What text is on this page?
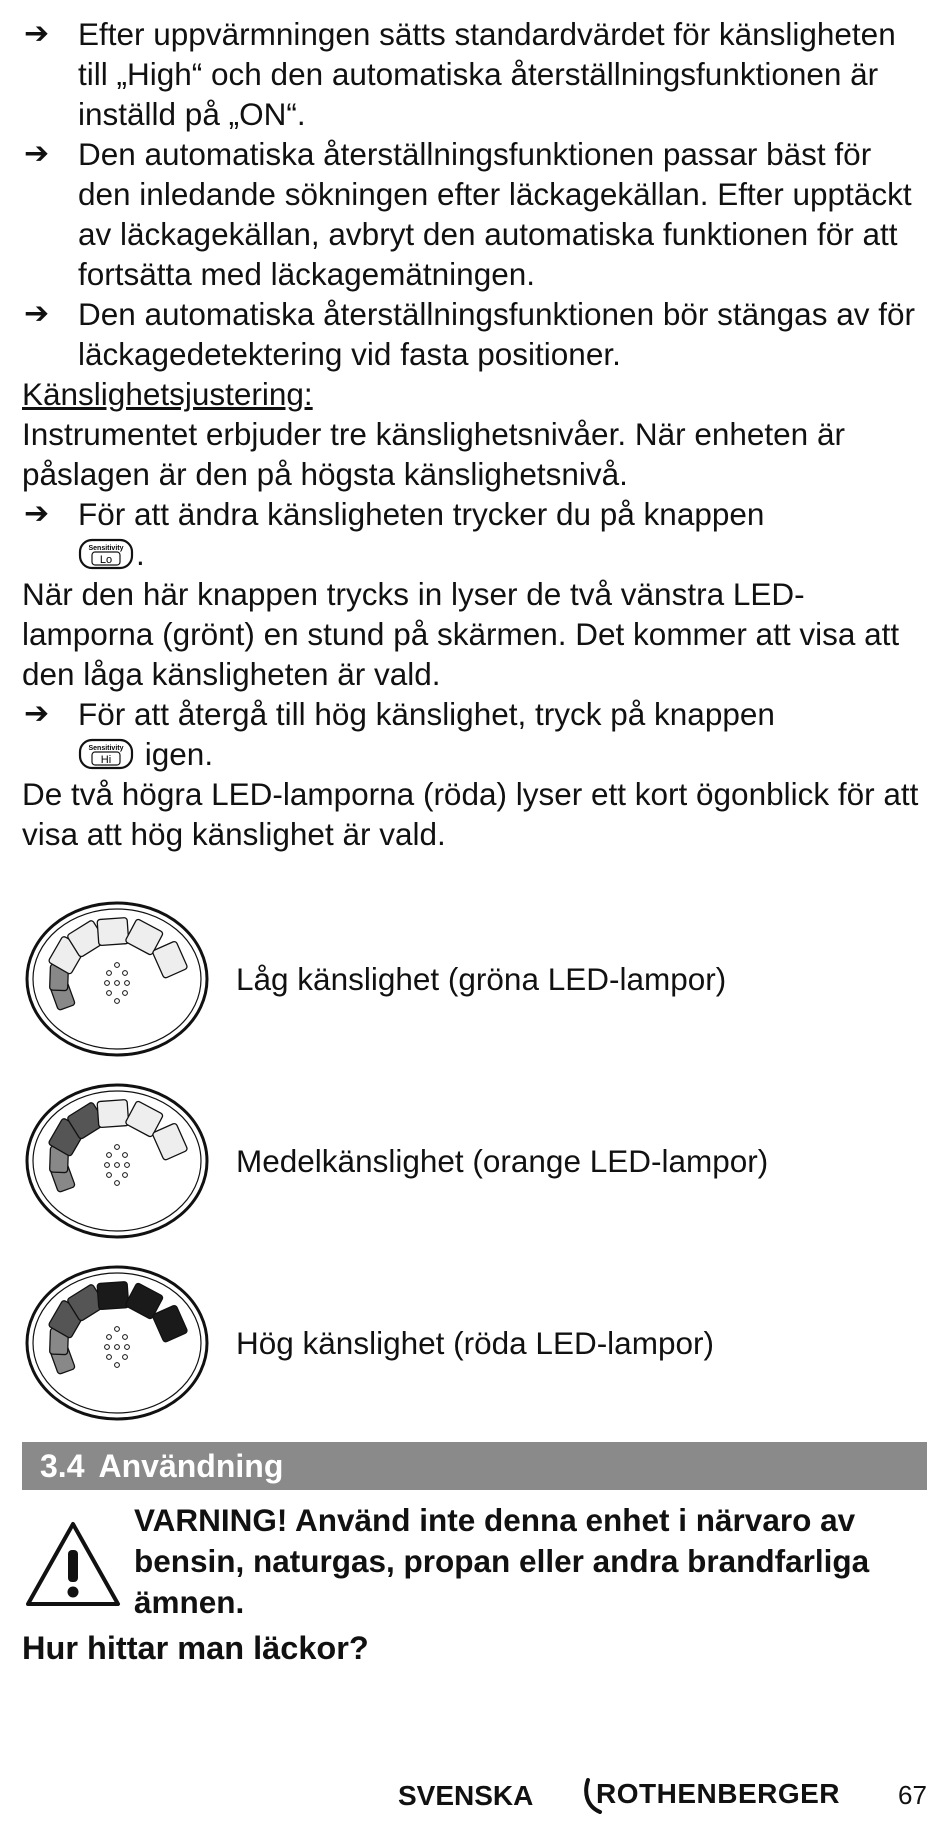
➔ Efter uppvärmningen sätts standardvärdet för känsligheten till „High“ och den automatiska återställningsfunktionen är inställd på „ON“.

➔ Den automatiska återställningsfunktionen passar bäst för den inledande sökningen efter läckagekällan. Efter upptäckt av läckagekällan, avbryt den automatiska funktionen för att fortsätta med läckagemätningen.

➔ Den automatiska återställningsfunktionen bör stängas av för läckagedetektering vid fasta positioner.

Känslighetsjustering:

Instrumentet erbjuder tre känslighetsnivåer. När enheten är påslagen är den på högsta känslighetsnivå.

➔ För att ändra känsligheten trycker du på knappen

Sensitivity
Lo .

När den här knappen trycks in lyser de två vänstra LED-lamporna (grönt) en stund på skärmen. Det kommer att visa att den låga känsligheten är vald.

➔ För att återgå till hög känslighet, tryck på knappen

Sensitivity
Hi igen.

De två högra LED-lamporna (röda) lyser ett kort ögonblick för att visa att hög känslighet är vald.

Låg känslighet (gröna LED-lampor)
Medelkänslighet (orange LED-lampor)
Hög känslighet (röda LED-lampor)
3.4 Användning
VARNING! Använd inte denna enhet i närvaro av bensin, naturgas, propan eller andra brandfarliga ämnen.
Hur hittar man läckor?
SVENSKA ROTHENBERGER 67
